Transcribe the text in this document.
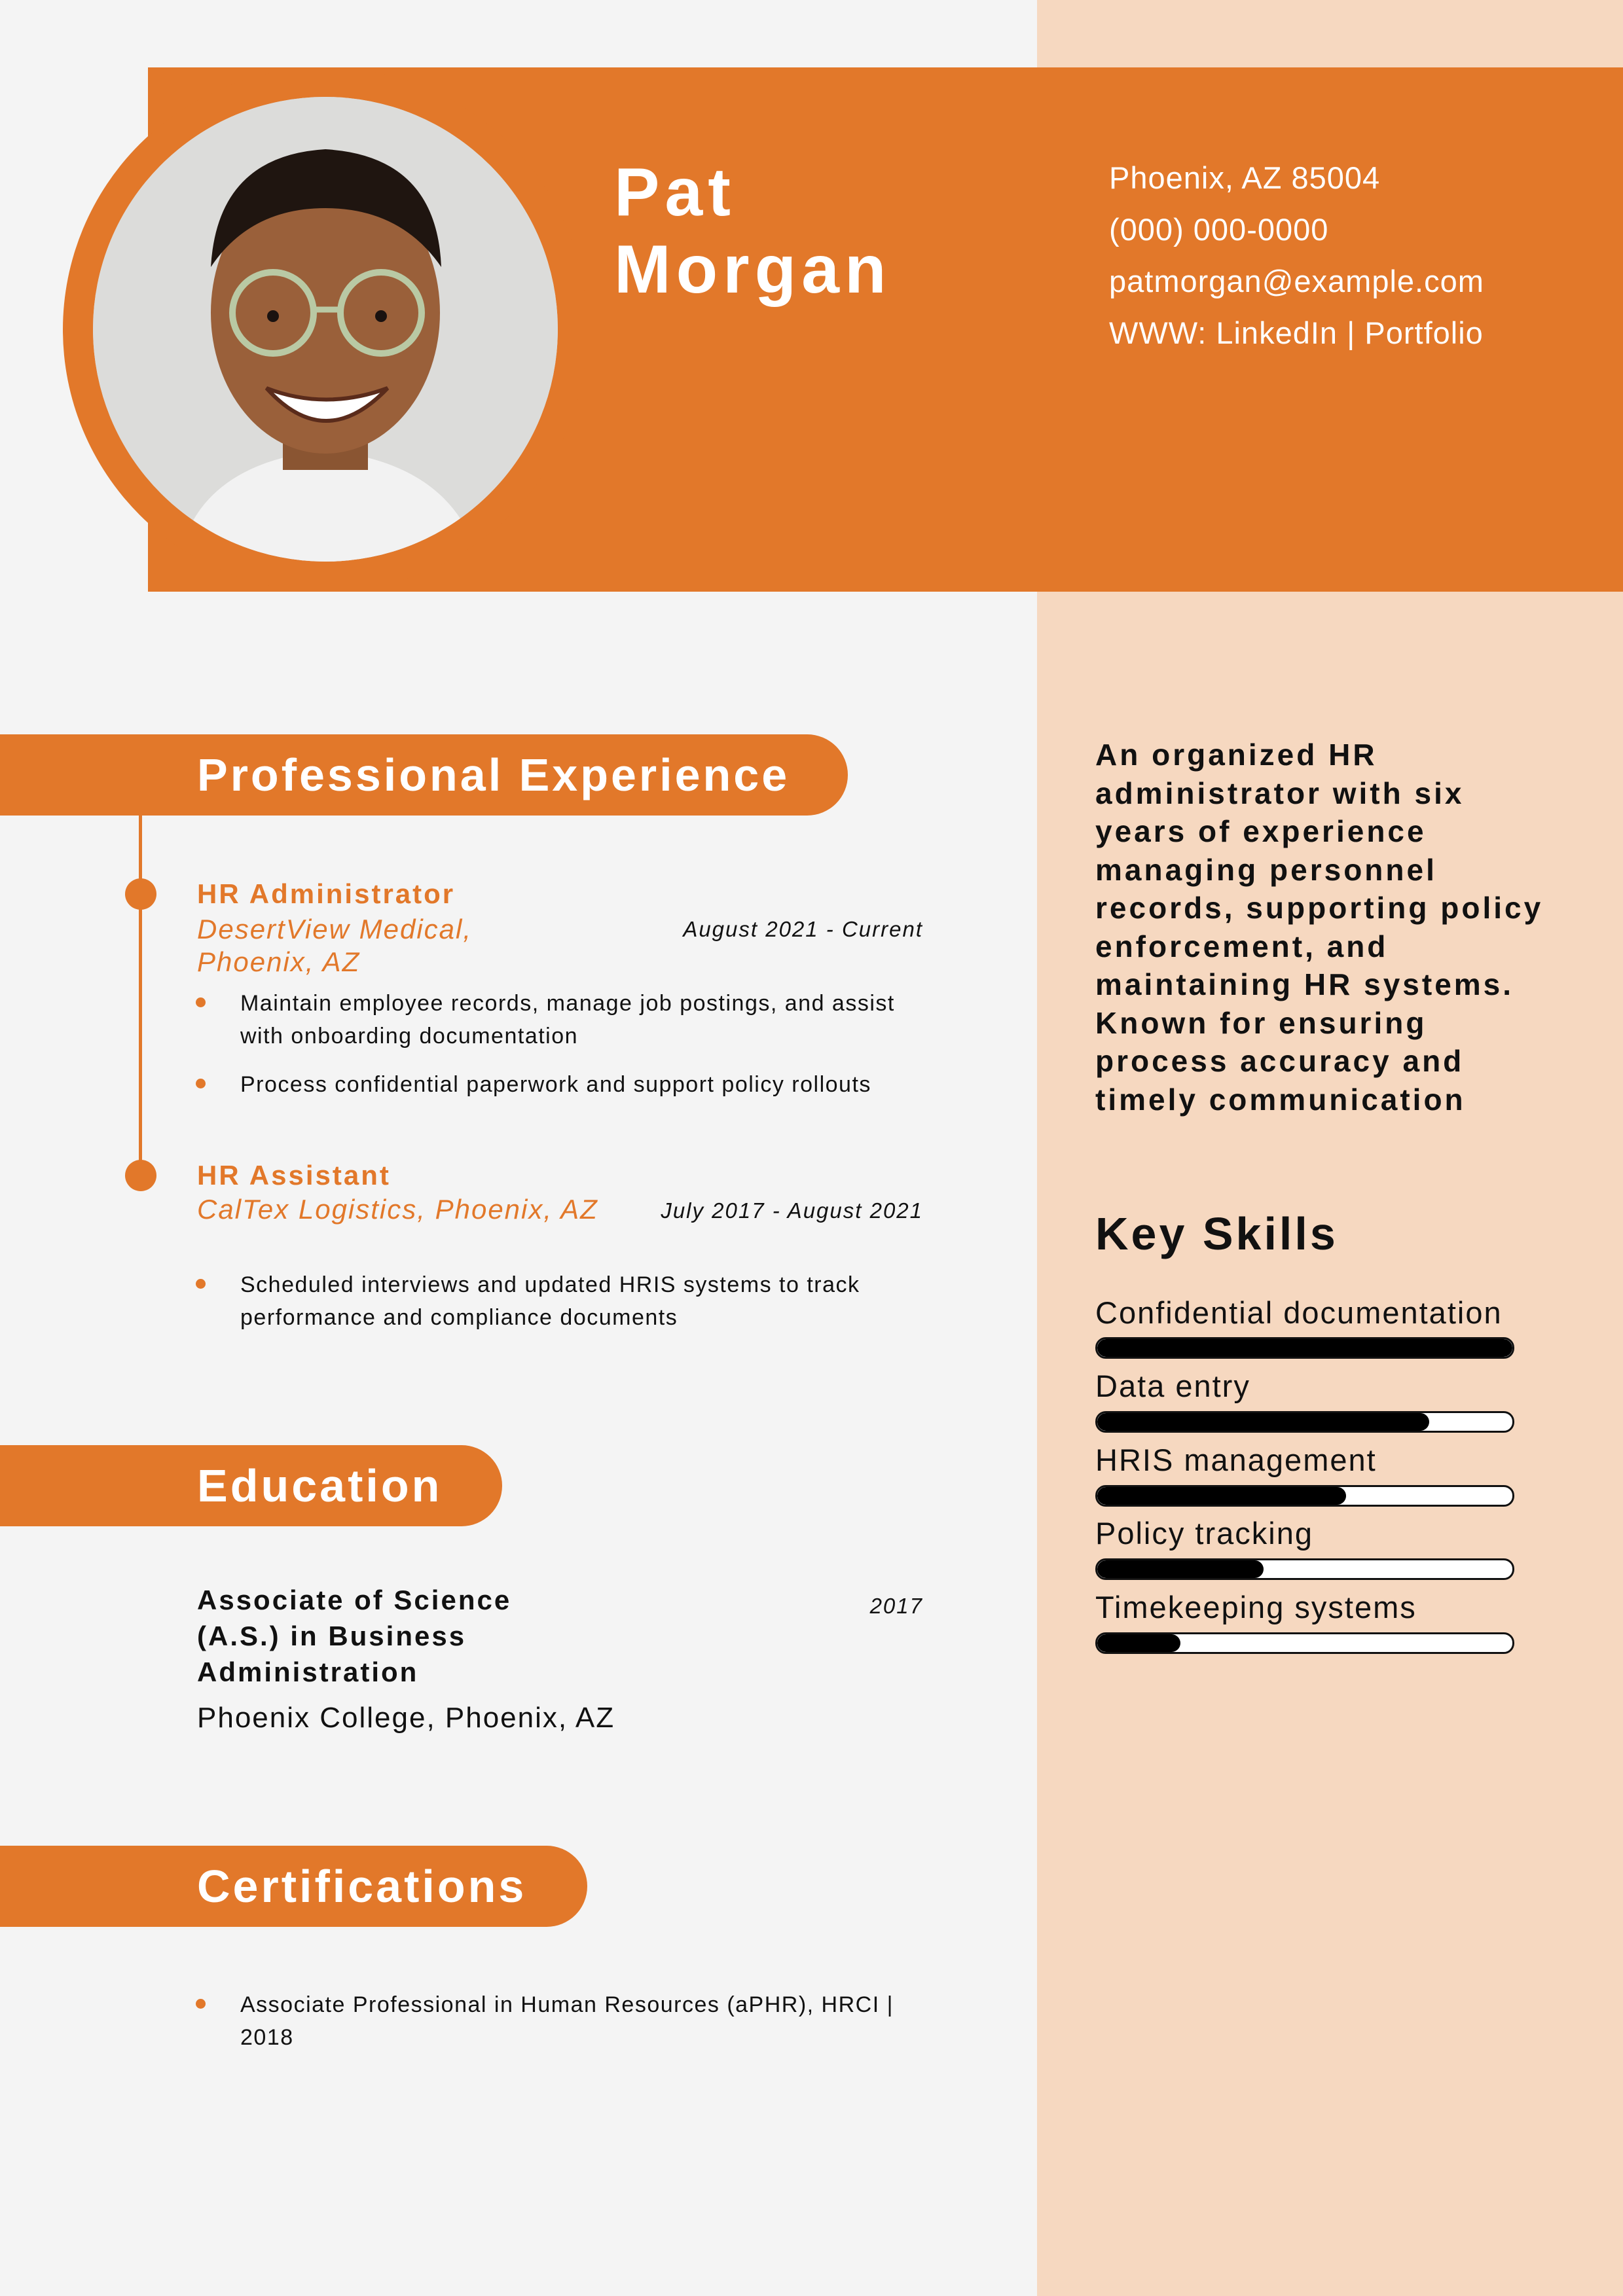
Pat
Morgan
Phoenix, AZ 85004
(000) 000-0000
patmorgan@example.com
WWW: LinkedIn | Portfolio
Professional Experience
HR Administrator
DesertView Medical, Phoenix, AZ
August 2021 - Current
Maintain employee records, manage job postings, and assist with onboarding documentation
Process confidential paperwork and support policy rollouts
HR Assistant
CalTex Logistics, Phoenix, AZ	July 2017 - August 2021
Scheduled interviews and updated HRIS systems to track performance and compliance documents
Education
Associate of Science (A.S.) in Business Administration
2017
Phoenix College, Phoenix, AZ
Certifications
Associate Professional in Human Resources (aPHR), HRCI | 2018
An organized HR administrator with six years of experience managing personnel records, supporting policy enforcement, and maintaining HR systems. Known for ensuring process accuracy and timely communication
Key Skills
Confidential documentation
Data entry
HRIS management
Policy tracking
Timekeeping systems
